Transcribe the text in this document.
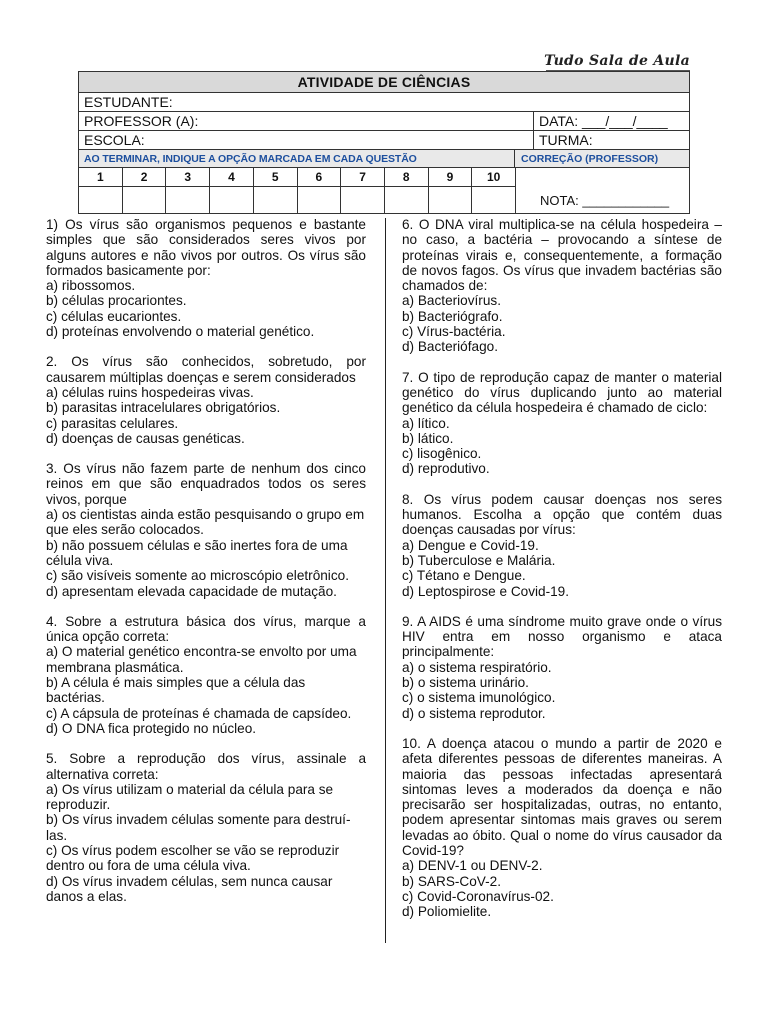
Tudo Sala de Aula
ATIVIDADE DE CIÊNCIAS
ESTUDANTE:
PROFESSOR (A):	DATA: ___/___/____
ESCOLA:	TURMA:
AO TERMINAR, INDIQUE A OPÇÃO MARCADA EM CADA QUESTÃO	CORREÇÃO (PROFESSOR)
1	2	3	4	5	6	7	8	9	10
NOTA: ____________
1) Os vírus são organismos pequenos e bastante simples que são considerados seres vivos por alguns autores e não vivos por outros. Os vírus são formados basicamente por:
a) ribossomos.
b) células procariontes.
c) células eucariontes.
d) proteínas envolvendo o material genético.
2. Os vírus são conhecidos, sobretudo, por causarem múltiplas doenças e serem considerados
a) células ruins hospedeiras vivas.
b) parasitas intracelulares obrigatórios.
c) parasitas celulares.
d) doenças de causas genéticas.
3. Os vírus não fazem parte de nenhum dos cinco reinos em que são enquadrados todos os seres vivos, porque
a) os cientistas ainda estão pesquisando o grupo em que eles serão colocados.
b) não possuem células e são inertes fora de uma célula viva.
c) são visíveis somente ao microscópio eletrônico.
d) apresentam elevada capacidade de mutação.
4. Sobre a estrutura básica dos vírus, marque a única opção correta:
a) O material genético encontra-se envolto por uma membrana plasmática.
b) A célula é mais simples que a célula das bactérias.
c) A cápsula de proteínas é chamada de capsídeo.
d) O DNA fica protegido no núcleo.
5. Sobre a reprodução dos vírus, assinale a alternativa correta:
a) Os vírus utilizam o material da célula para se reproduzir.
b) Os vírus invadem células somente para destruí-las.
c) Os vírus podem escolher se vão se reproduzir dentro ou fora de uma célula viva.
d) Os vírus invadem células, sem nunca causar danos a elas.
6. O DNA viral multiplica-se na célula hospedeira – no caso, a bactéria – provocando a síntese de proteínas virais e, consequentemente, a formação de novos fagos. Os vírus que invadem bactérias são chamados de:
a) Bacteriovírus.
b) Bacteriógrafo.
c) Vírus-bactéria.
d) Bacteriófago.
7. O tipo de reprodução capaz de manter o material genético do vírus duplicando junto ao material genético da célula hospedeira é chamado de ciclo:
a) lítico.
b) lático.
c) lisogênico.
d) reprodutivo.
8. Os vírus podem causar doenças nos seres humanos. Escolha a opção que contém duas doenças causadas por vírus:
a) Dengue e Covid-19.
b) Tuberculose e Malária.
c) Tétano e Dengue.
d) Leptospirose e Covid-19.
9. A AIDS é uma síndrome muito grave onde o vírus HIV entra em nosso organismo e ataca principalmente:
a) o sistema respiratório.
b) o sistema urinário.
c) o sistema imunológico.
d) o sistema reprodutor.
10. A doença atacou o mundo a partir de 2020 e afeta diferentes pessoas de diferentes maneiras. A maioria das pessoas infectadas apresentará sintomas leves a moderados da doença e não precisarão ser hospitalizadas, outras, no entanto, podem apresentar sintomas mais graves ou serem levadas ao óbito. Qual o nome do vírus causador da Covid-19?
a) DENV-1 ou DENV-2.
b) SARS-CoV-2.
c) Covid-Coronavírus-02.
d) Poliomielite.
